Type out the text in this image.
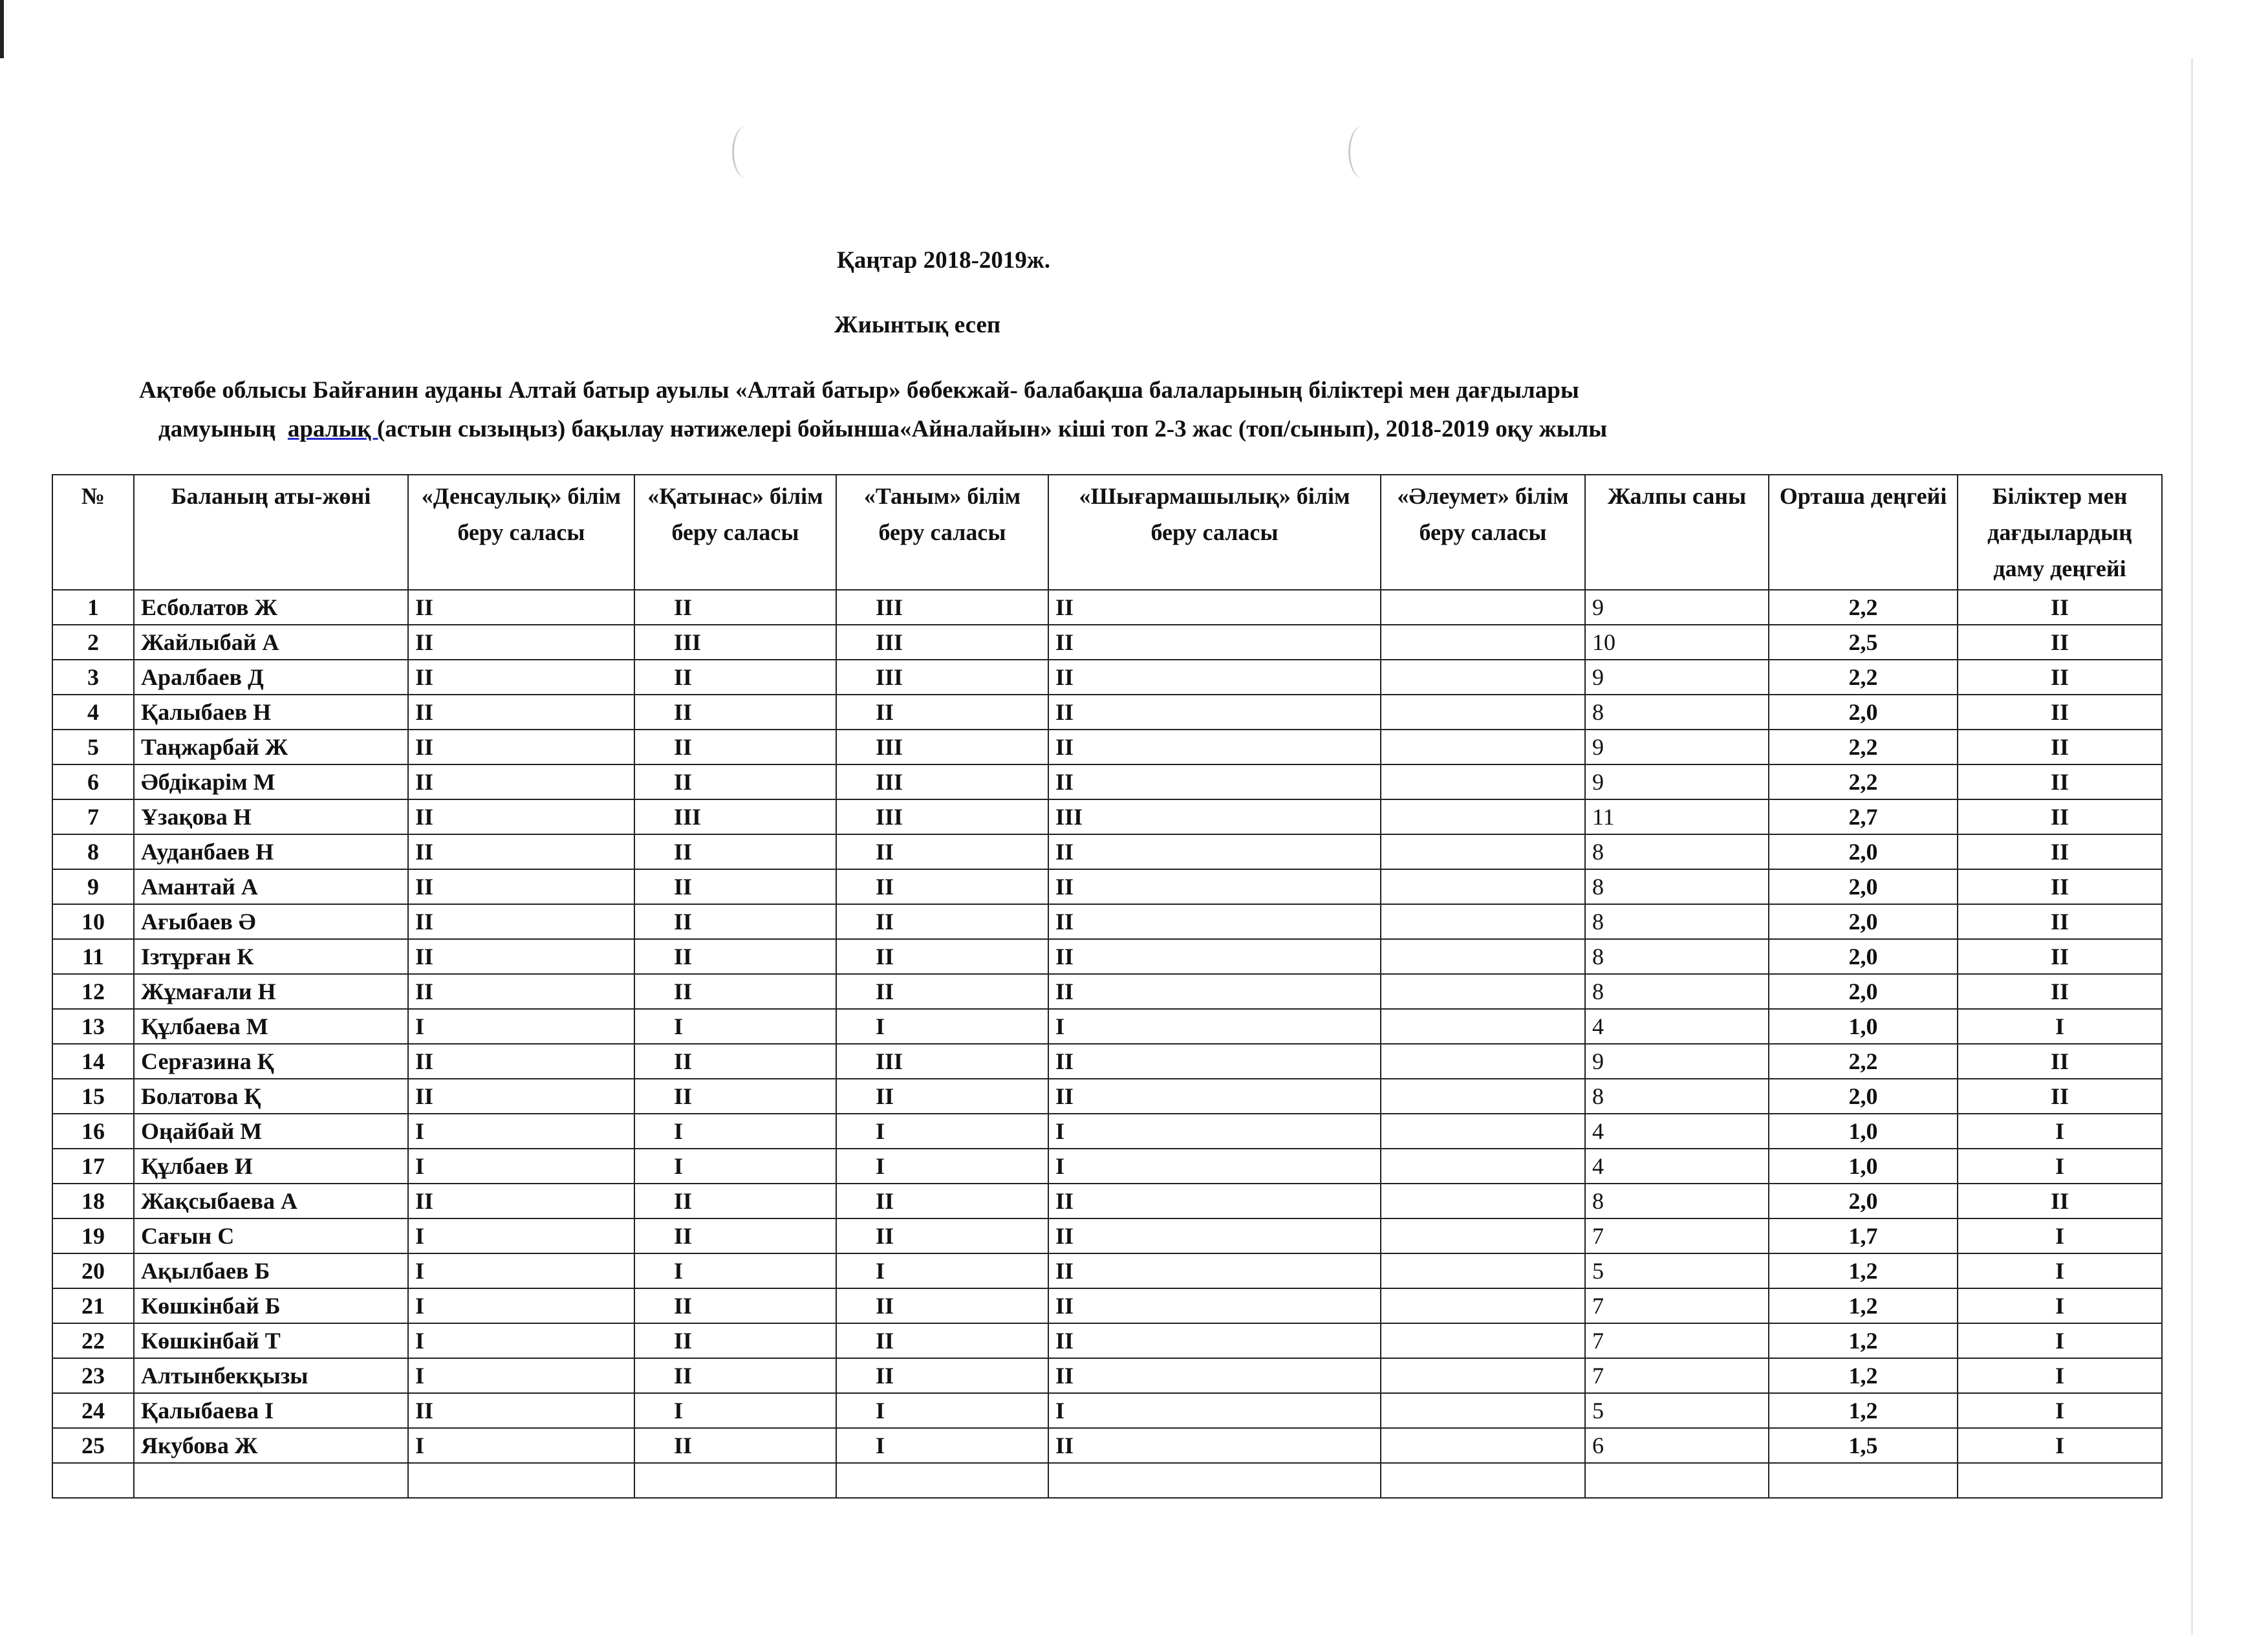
Қаңтар 2018-2019ж.
Жиынтық есеп
Ақтөбе облысы Байғанин ауданы Алтай батыр ауылы «Алтай батыр» бөбекжай- балабақша балаларының біліктері мен дағдылары
дамуының  аралық (астын сызыңыз) бақылау нәтижелері бойынша«Айналайын» кіші топ 2-3 жас (топ/сынып), 2018-2019 оқу жылы
№	Баланың аты-жөні	«Денсаулық» білім беру саласы	«Қатынас» білім беру саласы	«Таным» білім беру саласы	«Шығармашылық» білім беру саласы	«Әлеумет» білім беру саласы	Жалпы саны	Орташа деңгейі	Біліктер мен дағдылардың даму деңгейі
1	Есболатов Ж	II	II	III	II		9	2,2	II
2	Жайлыбай А	II	III	III	II		10	2,5	II
3	Аралбаев Д	II	II	III	II		9	2,2	II
4	Қалыбаев Н	II	II	II	II		8	2,0	II
5	Таңжарбай Ж	II	II	III	II		9	2,2	II
6	Әбдікарім М	II	II	III	II		9	2,2	II
7	Ұзақова Н	II	III	III	III		11	2,7	II
8	Ауданбаев Н	II	II	II	II		8	2,0	II
9	Амантай А	II	II	II	II		8	2,0	II
10	Ағыбаев Ә	II	II	II	II		8	2,0	II
11	Ізтұрған К	II	II	II	II		8	2,0	II
12	Жұмағали Н	II	II	II	II		8	2,0	II
13	Құлбаева М	I	I	I	I		4	1,0	I
14	Серғазина Қ	II	II	III	II		9	2,2	II
15	Болатова Қ	II	II	II	II		8	2,0	II
16	Оңайбай М	I	I	I	I		4	1,0	I
17	Құлбаев И	I	I	I	I		4	1,0	I
18	Жақсыбаева А	II	II	II	II		8	2,0	II
19	Сағын С	I	II	II	II		7	1,7	I
20	Ақылбаев Б	I	I	I	II		5	1,2	I
21	Көшкінбай Б	I	II	II	II		7	1,2	I
22	Көшкінбай Т	I	II	II	II		7	1,2	I
23	Алтынбекқызы	I	II	II	II		7	1,2	I
24	Қалыбаева І	II	I	I	I		5	1,2	I
25	Якубова Ж	I	II	I	II		6	1,5	I
